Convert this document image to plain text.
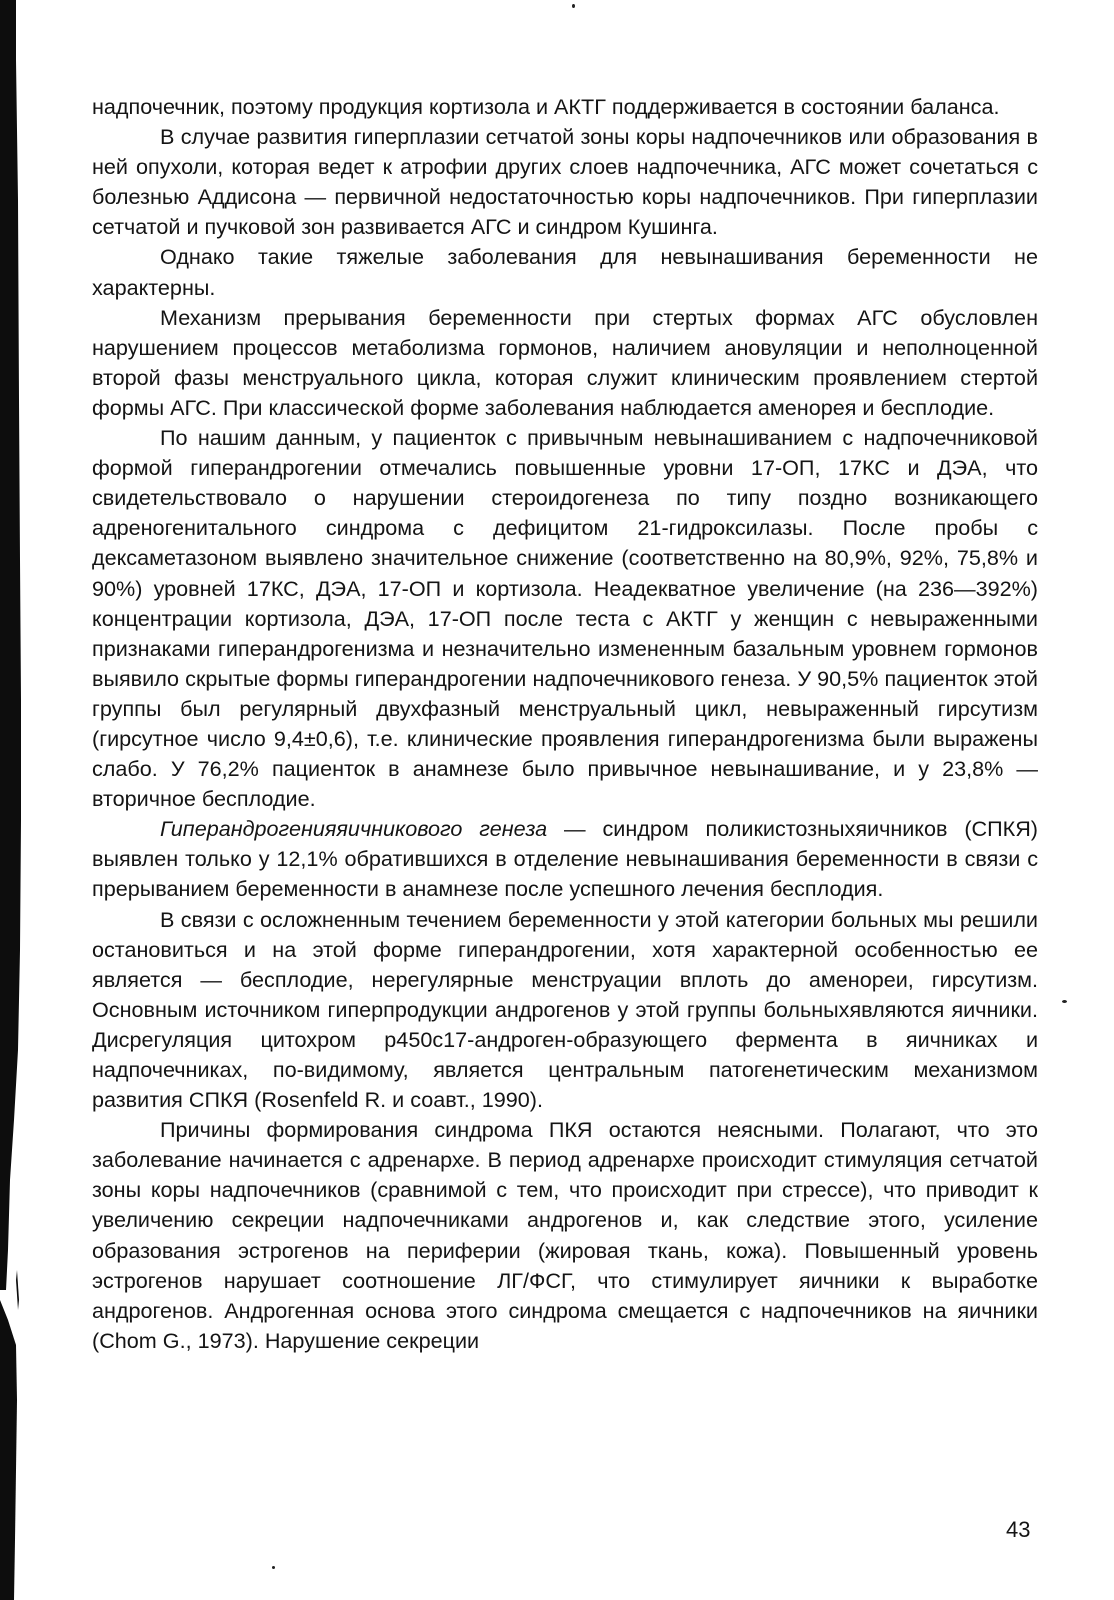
надпочечник, поэтому продукция кортизола и АКТГ поддерживается в состоянии баланса.

В случае развития гиперплазии сетчатой зоны коры надпочечников или образования в ней опухоли, которая ведет к атрофии других слоев надпочечника, АГС может сочетаться с болезнью Аддисона — первичной недостаточностью коры надпочечников. При гиперплазии сетчатой и пучковой зон развивается АГС и синдром Кушинга.

Однако такие тяжелые заболевания для невынашивания беременности не характерны.

Механизм прерывания беременности при стертых формах АГС обусловлен нарушением процессов метаболизма гормонов, наличием ановуляции и неполноценной второй фазы менструального цикла, которая служит клиническим проявлением стертой формы АГС. При классической форме заболевания наблюдается аменорея и бесплодие.

По нашим данным, у пациенток с привычным невынашиванием с надпочечниковой формой гиперандрогении отмечались повышенные уровни 17-ОП, 17КС и ДЭА, что свидетельствовало о нарушении стероидогенеза по типу поздно возникающего адреногенитального синдрома с дефицитом 21-гидроксилазы. После пробы с дексаметазоном выявлено значительное снижение (соответственно на 80,9%, 92%, 75,8% и 90%) уровней 17КС, ДЭА, 17-ОП и кортизола. Неадекватное увеличение (на 236—392%) концентрации кортизола, ДЭА, 17-ОП после теста с АКТГ у женщин с невыраженными признаками гиперандрогенизма и незначительно измененным базальным уровнем гормонов выявило скрытые формы гиперандрогении надпочечникового генеза. У 90,5% пациенток этой группы был регулярный двухфазный менструальный цикл, невыраженный гирсутизм (гирсутное число 9,4±0,6), т.е. клинические проявления гиперандрогенизма были выражены слабо. У 76,2% пациенток в анамнезе было привычное невынашивание, и у 23,8% — вторичное бесплодие.

Гиперандрогенияяичникового генеза — синдром поликистозныхяичников (СПКЯ) выявлен только у 12,1% обратившихся в отделение невынашивания беременности в связи с прерыванием беременности в анамнезе после успешного лечения бесплодия.

В связи с осложненным течением беременности у этой категории больных мы решили остановиться и на этой форме гиперандрогении, хотя характерной особенностью ее является — бесплодие, нерегулярные менструации вплоть до аменореи, гирсутизм. Основным источником гиперпродукции андрогенов у этой группы больныхявляются яичники. Дисрегуляция цитохром р450с17-андроген-образующего фермента в яичниках и надпочечниках, по-видимому, является центральным патогенетическим механизмом развития СПКЯ (Rosenfeld R. и соавт., 1990).

Причины формирования синдрома ПКЯ остаются неясными. Полагают, что это заболевание начинается с адренархе. В период адренархе происходит стимуляция сетчатой зоны коры надпочечников (сравнимой с тем, что происходит при стрессе), что приводит к увеличению секреции надпочечниками андрогенов и, как следствие этого, усиление образования эстрогенов на периферии (жировая ткань, кожа). Повышенный уровень эстрогенов нарушает соотношение ЛГ/ФСГ, что стимулирует яичники к выработке андрогенов. Андрогенная основа этого синдрома смещается с надпочечников на яичники (Chom G., 1973). Нарушение секреции

43
